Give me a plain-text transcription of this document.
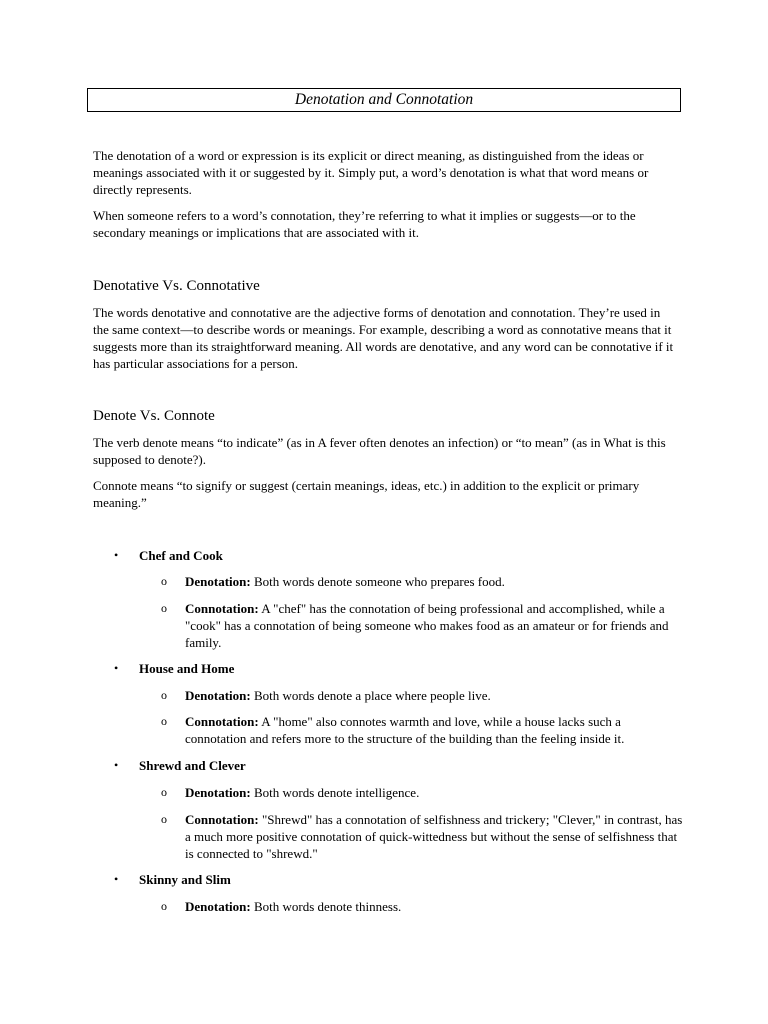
Denotation and Connotation

The denotation of a word or expression is its explicit or direct meaning, as distinguished from the ideas or meanings associated with it or suggested by it. Simply put, a word’s denotation is what that word means or directly represents.

When someone refers to a word’s connotation, they’re referring to what it implies or suggests—or to the secondary meanings or implications that are associated with it.

Denotative Vs. Connotative

The words denotative and connotative are the adjective forms of denotation and connotation. They’re used in the same context—to describe words or meanings. For example, describing a word as connotative means that it suggests more than its straightforward meaning. All words are denotative, and any word can be connotative if it has particular associations for a person.

Denote Vs. Connote

The verb denote means “to indicate” (as in A fever often denotes an infection) or “to mean” (as in What is this supposed to denote?).

Connote means “to signify or suggest (certain meanings, ideas, etc.) in addition to the explicit or primary meaning.”

• Chef and Cook
o Denotation: Both words denote someone who prepares food.
o Connotation: A "chef" has the connotation of being professional and accomplished, while a "cook" has a connotation of being someone who makes food as an amateur or for friends and family.
• House and Home
o Denotation: Both words denote a place where people live.
o Connotation: A "home" also connotes warmth and love, while a house lacks such a connotation and refers more to the structure of the building than the feeling inside it.
• Shrewd and Clever
o Denotation: Both words denote intelligence.
o Connotation: "Shrewd" has a connotation of selfishness and trickery; "Clever," in contrast, has a much more positive connotation of quick-wittedness but without the sense of selfishness that is connected to "shrewd."
• Skinny and Slim
o Denotation: Both words denote thinness.
